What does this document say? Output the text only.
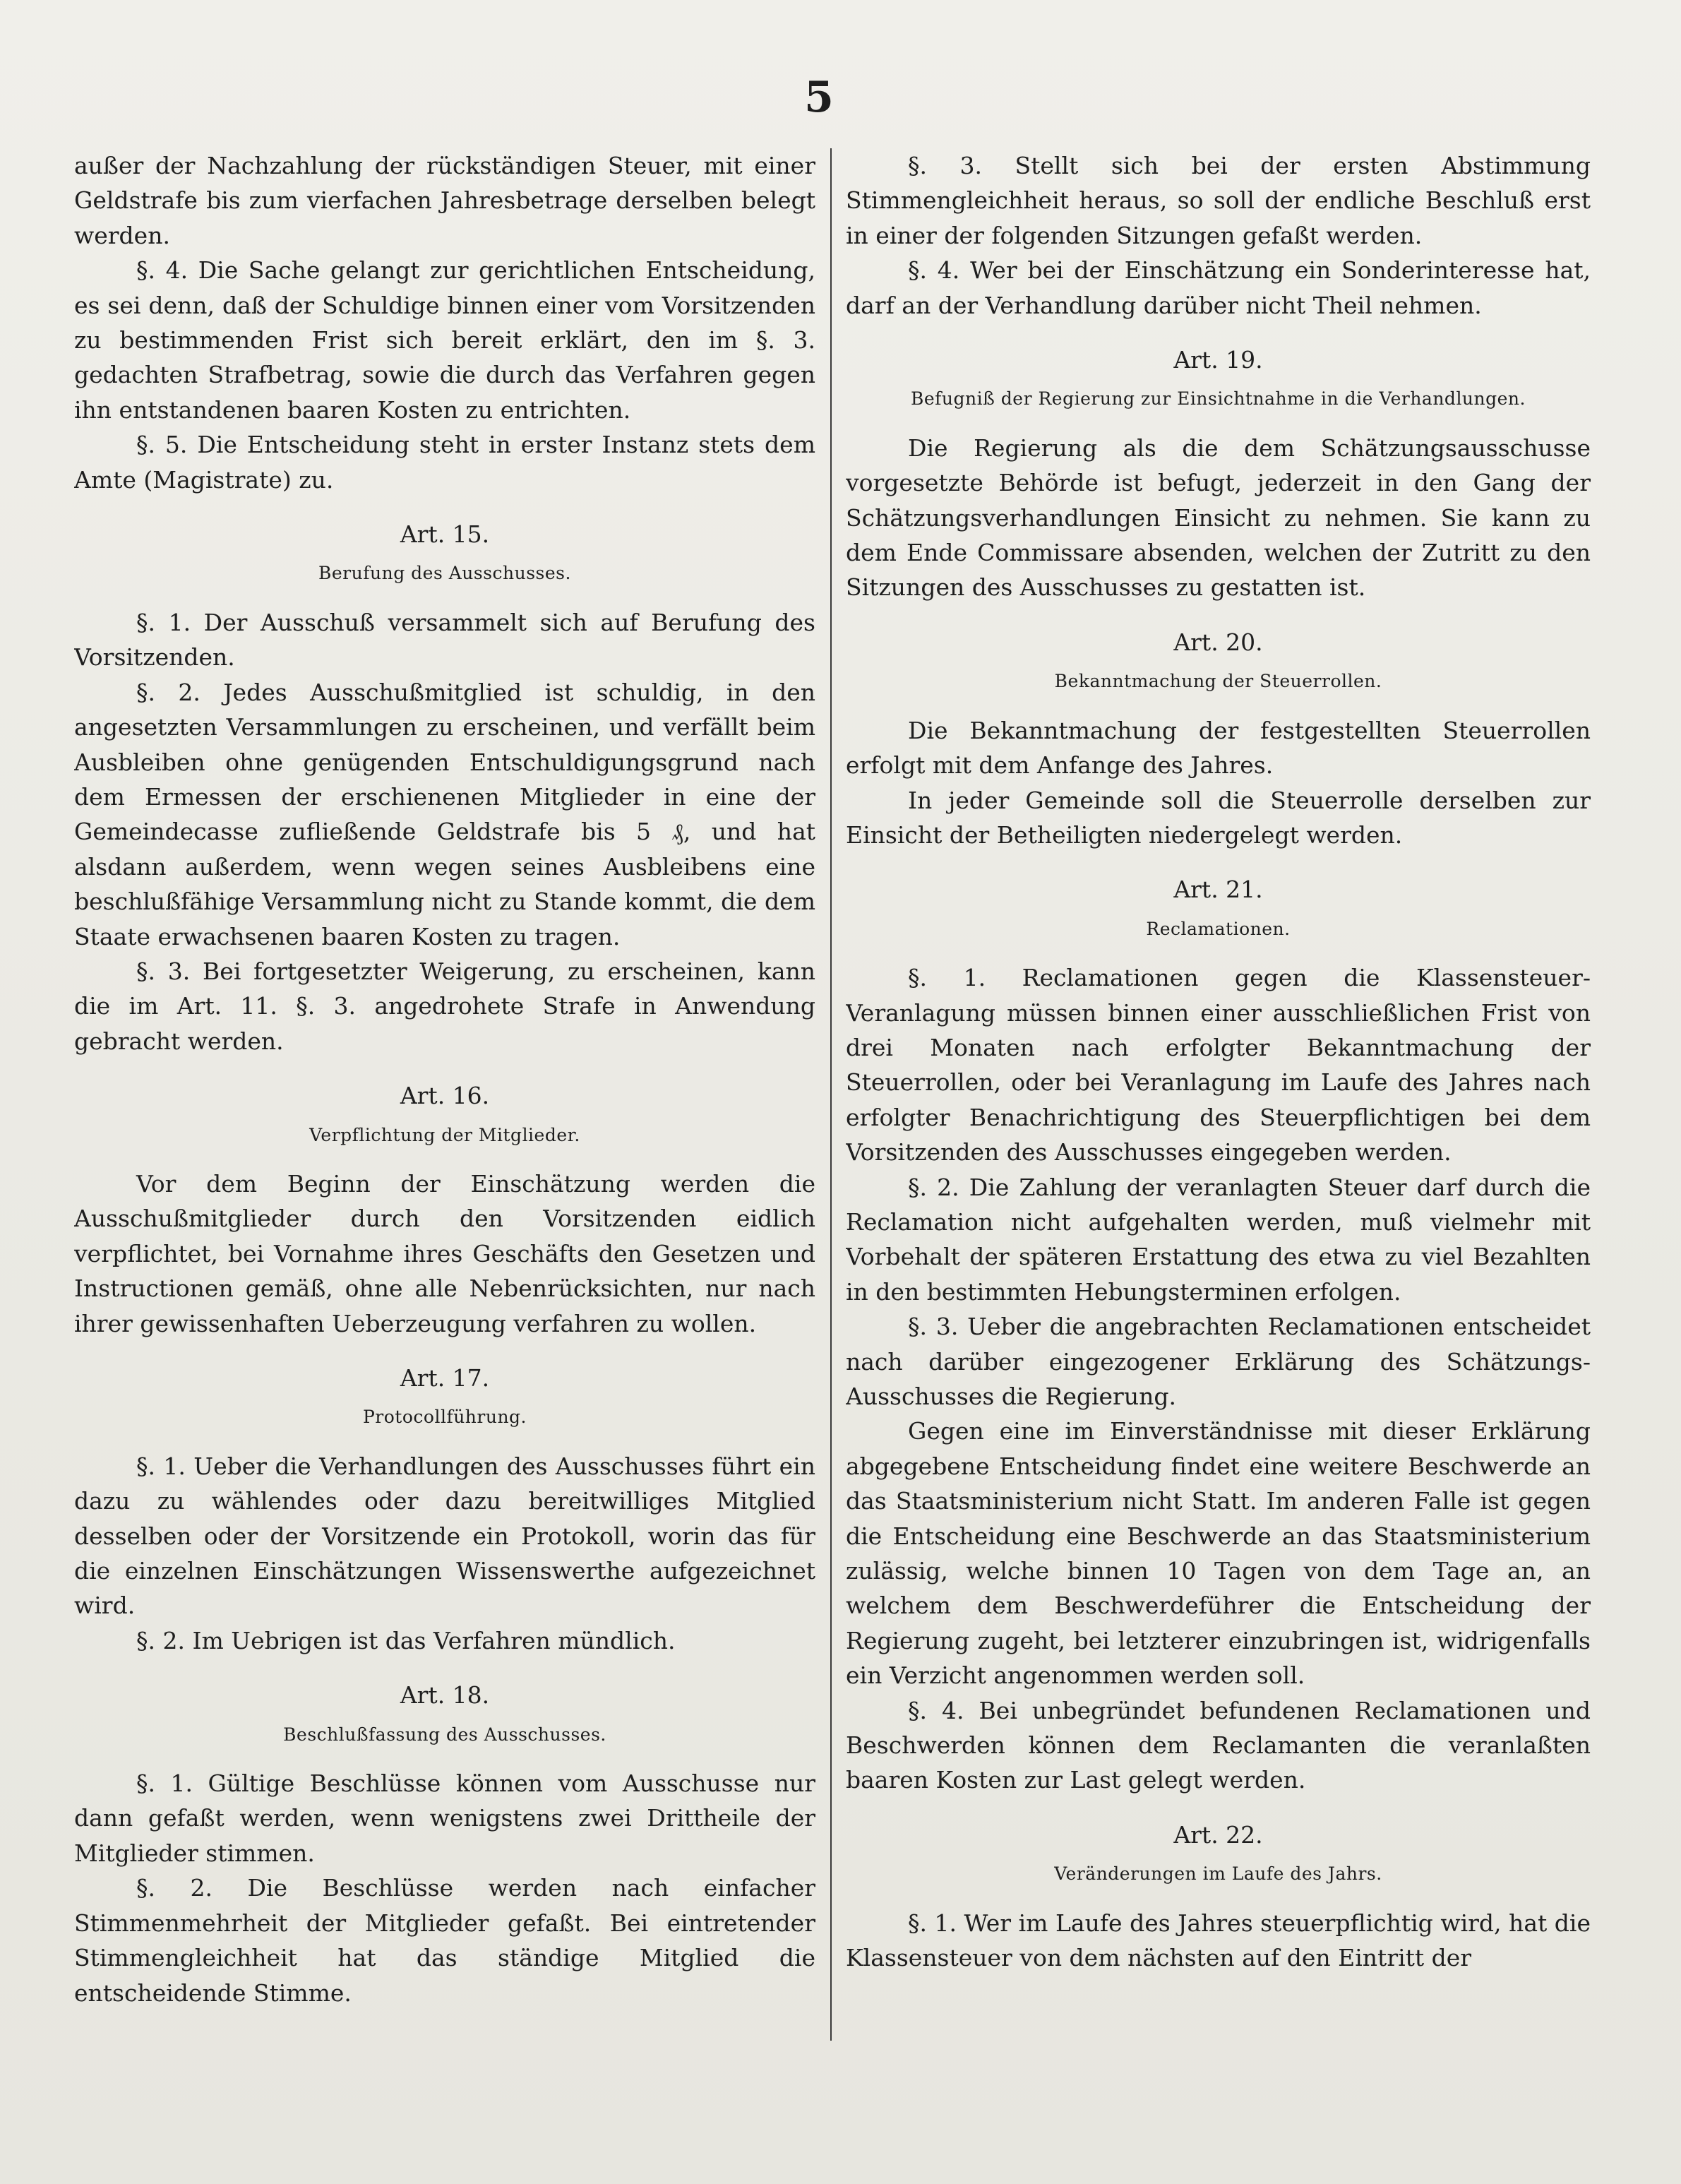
5

außer der Nachzahlung der rückständigen Steuer, mit einer Geldstrafe bis zum vierfachen Jahresbetrage derselben belegt werden.

§. 4. Die Sache gelangt zur gerichtlichen Entscheidung, es sei denn, daß der Schuldige binnen einer vom Vorsitzenden zu bestimmenden Frist sich bereit erklärt, den im §. 3. gedachten Strafbetrag, sowie die durch das Verfahren gegen ihn entstandenen baaren Kosten zu entrichten.

§. 5. Die Entscheidung steht in erster Instanz stets dem Amte (Magistrate) zu.

Art. 15.

Berufung des Ausschusses.

§. 1. Der Ausschuß versammelt sich auf Berufung des Vorsitzenden.

§. 2. Jedes Ausschußmitglied ist schuldig, in den angesetzten Versammlungen zu erscheinen, und verfällt beim Ausbleiben ohne genügenden Entschuldigungsgrund nach dem Ermessen der erschienenen Mitglieder in eine der Gemeindecasse zufließende Geldstrafe bis 5 ₰, und hat alsdann außerdem, wenn wegen seines Ausbleibens eine beschlußfähige Versammlung nicht zu Stande kommt, die dem Staate erwachsenen baaren Kosten zu tragen.

§. 3. Bei fortgesetzter Weigerung, zu erscheinen, kann die im Art. 11. §. 3. angedrohete Strafe in Anwendung gebracht werden.

Art. 16.

Verpflichtung der Mitglieder.

Vor dem Beginn der Einschätzung werden die Ausschußmitglieder durch den Vorsitzenden eidlich verpflichtet, bei Vornahme ihres Geschäfts den Gesetzen und Instructionen gemäß, ohne alle Nebenrücksichten, nur nach ihrer gewissenhaften Ueberzeugung verfahren zu wollen.

Art. 17.

Protocollführung.

§. 1. Ueber die Verhandlungen des Ausschusses führt ein dazu zu wählendes oder dazu bereitwilliges Mitglied desselben oder der Vorsitzende ein Protokoll, worin das für die einzelnen Einschätzungen Wissenswerthe aufgezeichnet wird.

§. 2. Im Uebrigen ist das Verfahren mündlich.

Art. 18.

Beschlußfassung des Ausschusses.

§. 1. Gültige Beschlüsse können vom Ausschusse nur dann gefaßt werden, wenn wenigstens zwei Drittheile der Mitglieder stimmen.

§. 2. Die Beschlüsse werden nach einfacher Stimmenmehrheit der Mitglieder gefaßt. Bei eintretender Stimmengleichheit hat das ständige Mitglied die entscheidende Stimme.

§. 3. Stellt sich bei der ersten Abstimmung Stimmengleichheit heraus, so soll der endliche Beschluß erst in einer der folgenden Sitzungen gefaßt werden.

§. 4. Wer bei der Einschätzung ein Sonderinteresse hat, darf an der Verhandlung darüber nicht Theil nehmen.

Art. 19.

Befugniß der Regierung zur Einsichtnahme in die Verhandlungen.

Die Regierung als die dem Schätzungsausschusse vorgesetzte Behörde ist befugt, jederzeit in den Gang der Schätzungsverhandlungen Einsicht zu nehmen. Sie kann zu dem Ende Commissare absenden, welchen der Zutritt zu den Sitzungen des Ausschusses zu gestatten ist.

Art. 20.

Bekanntmachung der Steuerrollen.

Die Bekanntmachung der festgestellten Steuerrollen erfolgt mit dem Anfange des Jahres.

In jeder Gemeinde soll die Steuerrolle derselben zur Einsicht der Betheiligten niedergelegt werden.

Art. 21.

Reclamationen.

§. 1. Reclamationen gegen die Klassensteuer-Veranlagung müssen binnen einer ausschließlichen Frist von drei Monaten nach erfolgter Bekanntmachung der Steuerrollen, oder bei Veranlagung im Laufe des Jahres nach erfolgter Benachrichtigung des Steuerpflichtigen bei dem Vorsitzenden des Ausschusses eingegeben werden.

§. 2. Die Zahlung der veranlagten Steuer darf durch die Reclamation nicht aufgehalten werden, muß vielmehr mit Vorbehalt der späteren Erstattung des etwa zu viel Bezahlten in den bestimmten Hebungsterminen erfolgen.

§. 3. Ueber die angebrachten Reclamationen entscheidet nach darüber eingezogener Erklärung des Schätzungs-Ausschusses die Regierung.

Gegen eine im Einverständnisse mit dieser Erklärung abgegebene Entscheidung findet eine weitere Beschwerde an das Staatsministerium nicht Statt. Im anderen Falle ist gegen die Entscheidung eine Beschwerde an das Staatsministerium zulässig, welche binnen 10 Tagen von dem Tage an, an welchem dem Beschwerdeführer die Entscheidung der Regierung zugeht, bei letzterer einzubringen ist, widrigenfalls ein Verzicht angenommen werden soll.

§. 4. Bei unbegründet befundenen Reclamationen und Beschwerden können dem Reclamanten die veranlaßten baaren Kosten zur Last gelegt werden.

Art. 22.

Veränderungen im Laufe des Jahrs.

§. 1. Wer im Laufe des Jahres steuerpflichtig wird, hat die Klassensteuer von dem nächsten auf den Eintritt der
